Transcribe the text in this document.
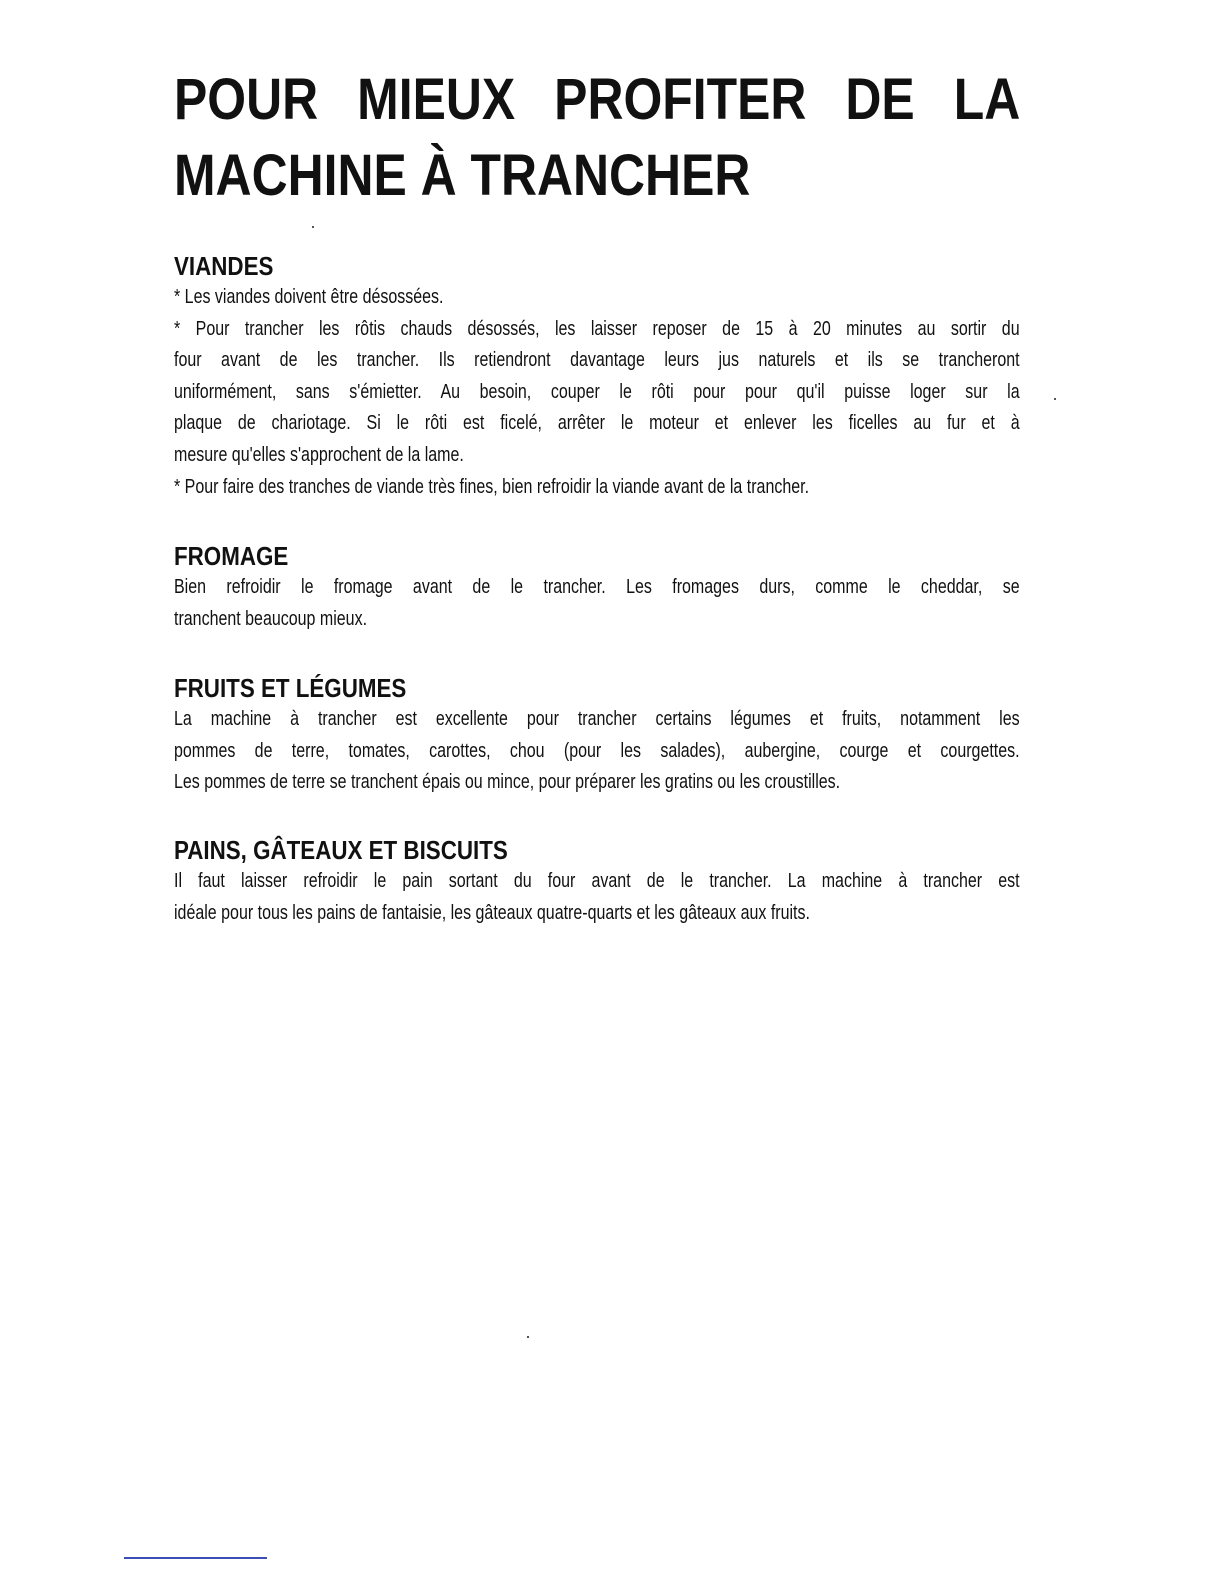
POUR MIEUX PROFITER DE LA
MACHINE À TRANCHER
VIANDES

* Les viandes doivent être désossées.
* Pour trancher les rôtis chauds désossés, les laisser reposer de 15 à 20 minutes au sortir du
four avant de les trancher. Ils retiendront davantage leurs jus naturels et ils se trancheront
uniformément, sans s'émietter. Au besoin, couper le rôti pour pour qu'il puisse loger sur la
plaque de chariotage. Si le rôti est ficelé, arrêter le moteur et enlever les ficelles au fur et à
mesure qu'elles s'approchent de la lame.
* Pour faire des tranches de viande très fines, bien refroidir la viande avant de la trancher.

FROMAGE

Bien refroidir le fromage avant de le trancher. Les fromages durs, comme le cheddar, se
tranchent beaucoup mieux.

FRUITS ET LÉGUMES

La machine à trancher est excellente pour trancher certains légumes et fruits, notamment les
pommes de terre, tomates, carottes, chou (pour les salades), aubergine, courge et courgettes.
Les pommes de terre se tranchent épais ou mince, pour préparer les gratins ou les croustilles.

PAINS, GÂTEAUX ET BISCUITS

Il faut laisser refroidir le pain sortant du four avant de le trancher. La machine à trancher est
idéale pour tous les pains de fantaisie, les gâteaux quatre-quarts et les gâteaux aux fruits.
